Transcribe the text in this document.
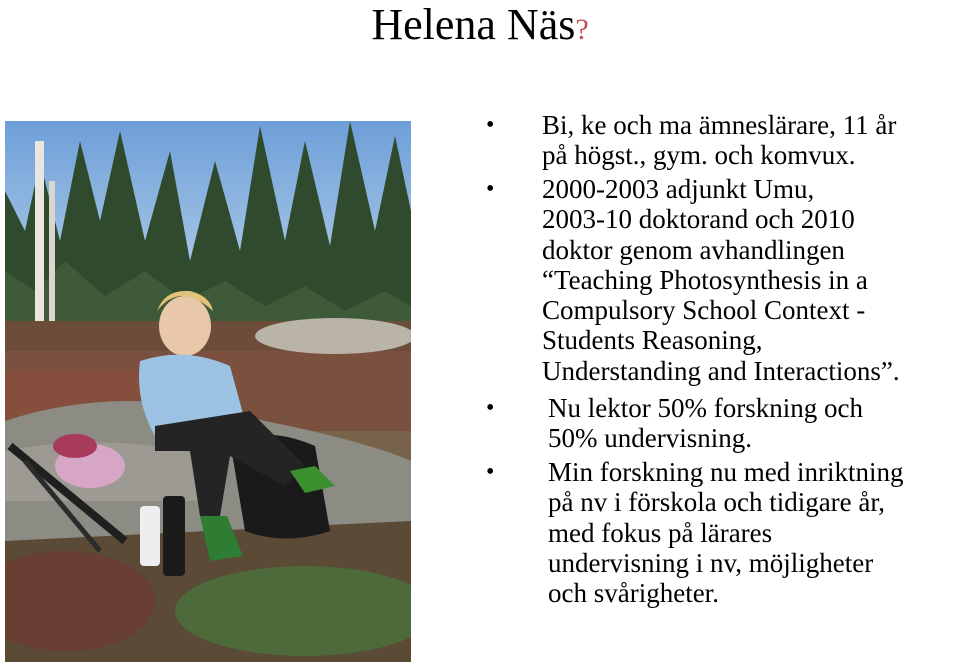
Helena Näs?
• Bi, ke och ma ämneslärare, 11 år
på högst., gym. och komvux.
• 2000-2003 adjunkt Umu,
2003-10 doktorand och 2010
doktor genom avhandlingen
“Teaching Photosynthesis in a
Compulsory School Context -
Students Reasoning,
Understanding and Interactions”.
• Nu lektor 50% forskning och
50% undervisning.
• Min forskning nu med inriktning
på nv i förskola och tidigare år,
med fokus på lärares
undervisning i nv, möjligheter
och svårigheter.
